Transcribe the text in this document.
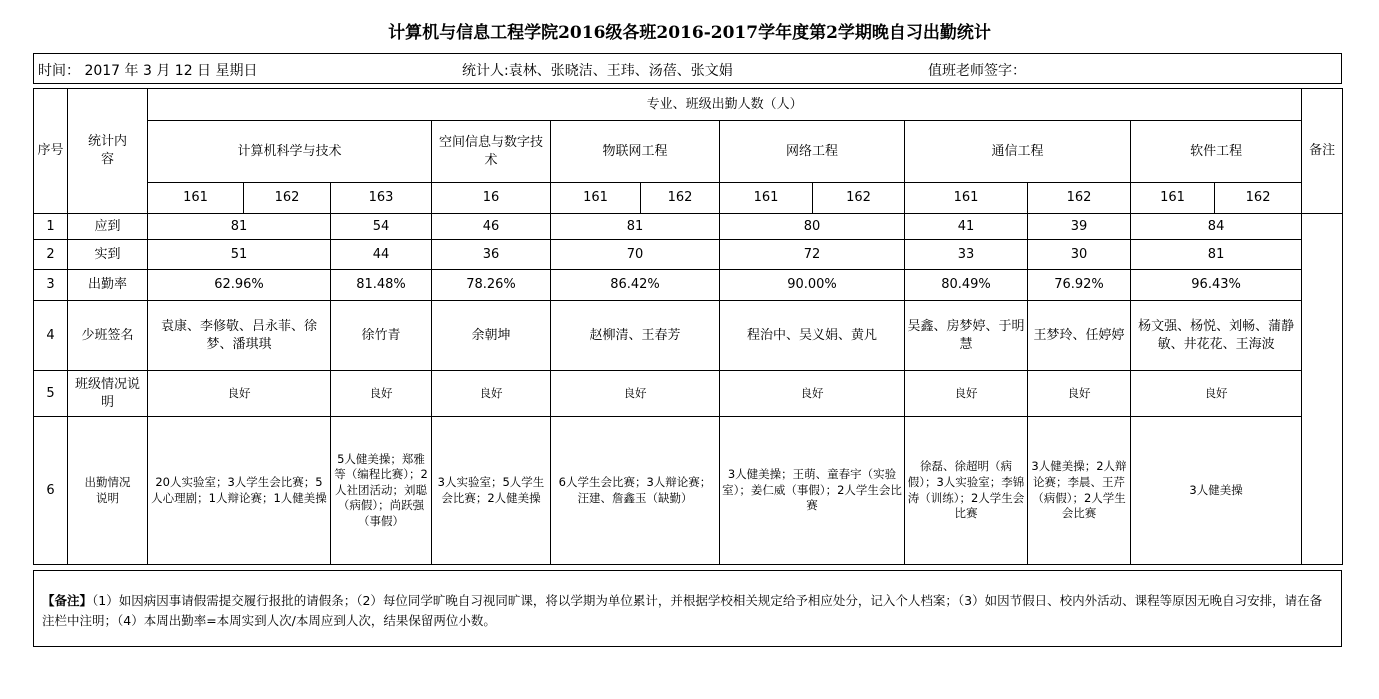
计算机与信息工程学院2016级各班2016-2017学年度第2学期晚自习出勤统计
时间： 2017 年 3 月 12 日 星期日	统计人:袁林、张晓洁、王玮、汤蓓、张文娟	值班老师签字：
序号	统计内容	专业、班级出勤人数（人）												备注
		计算机科学与技术			空间信息与数字技术	物联网工程		网络工程		通信工程		软件工程		
		161	162	163	16	161	162	161	162	161	162	161	162	
1	应到	81		54	46	81		80		41	39	84		
2	实到	51		44	36	70		72		33	30	81		
3	出勤率	62.96%		81.48%	78.26%	86.42%		90.00%		80.49%	76.92%	96.43%		
4	少班签名	袁康、李修敬、吕永菲、徐梦、潘琪琪		徐竹青	余朝坤	赵柳清、王春芳		程治中、吴义娟、黄凡		吴鑫、房梦婷、于明慧	王梦玲、任婷婷	杨文强、杨悦、刘畅、蒲静敏、井花花、王海波		
5	班级情况说明	良好		良好	良好	良好		良好		良好	良好	良好		
6	出勤情况说明	20人实验室；3人学生会比赛；5人心理剧；1人辩论赛；1人健美操		5人健美操；郑雅等（编程比赛）；2人社团活动；刘聪（病假）；尚跃强（事假）	3人实验室；5人学生会比赛；2人健美操	6人学生会比赛；3人辩论赛；汪建、詹鑫玉（缺勤）		3人健美操；王萌、童春宇（实验室）；姜仁威（事假）；2人学生会比赛		徐磊、徐超明（病假）；3人实验室；李锦涛（训练）；2人学生会比赛	3人健美操；2人辩论赛；李晨、王芹（病假）；2人学生会比赛	3人健美操		
【备注】（1）如因病因事请假需提交履行报批的请假条；（2）每位同学旷晚自习视同旷课，将以学期为单位累计，并根据学校相关规定给予相应处分，记入个人档案；（3）如因节假日、校内外活动、课程等原因无晚自习安排，请在备注栏中注明；（4）本周出勤率=本周实到人次/本周应到人次，结果保留两位小数。
